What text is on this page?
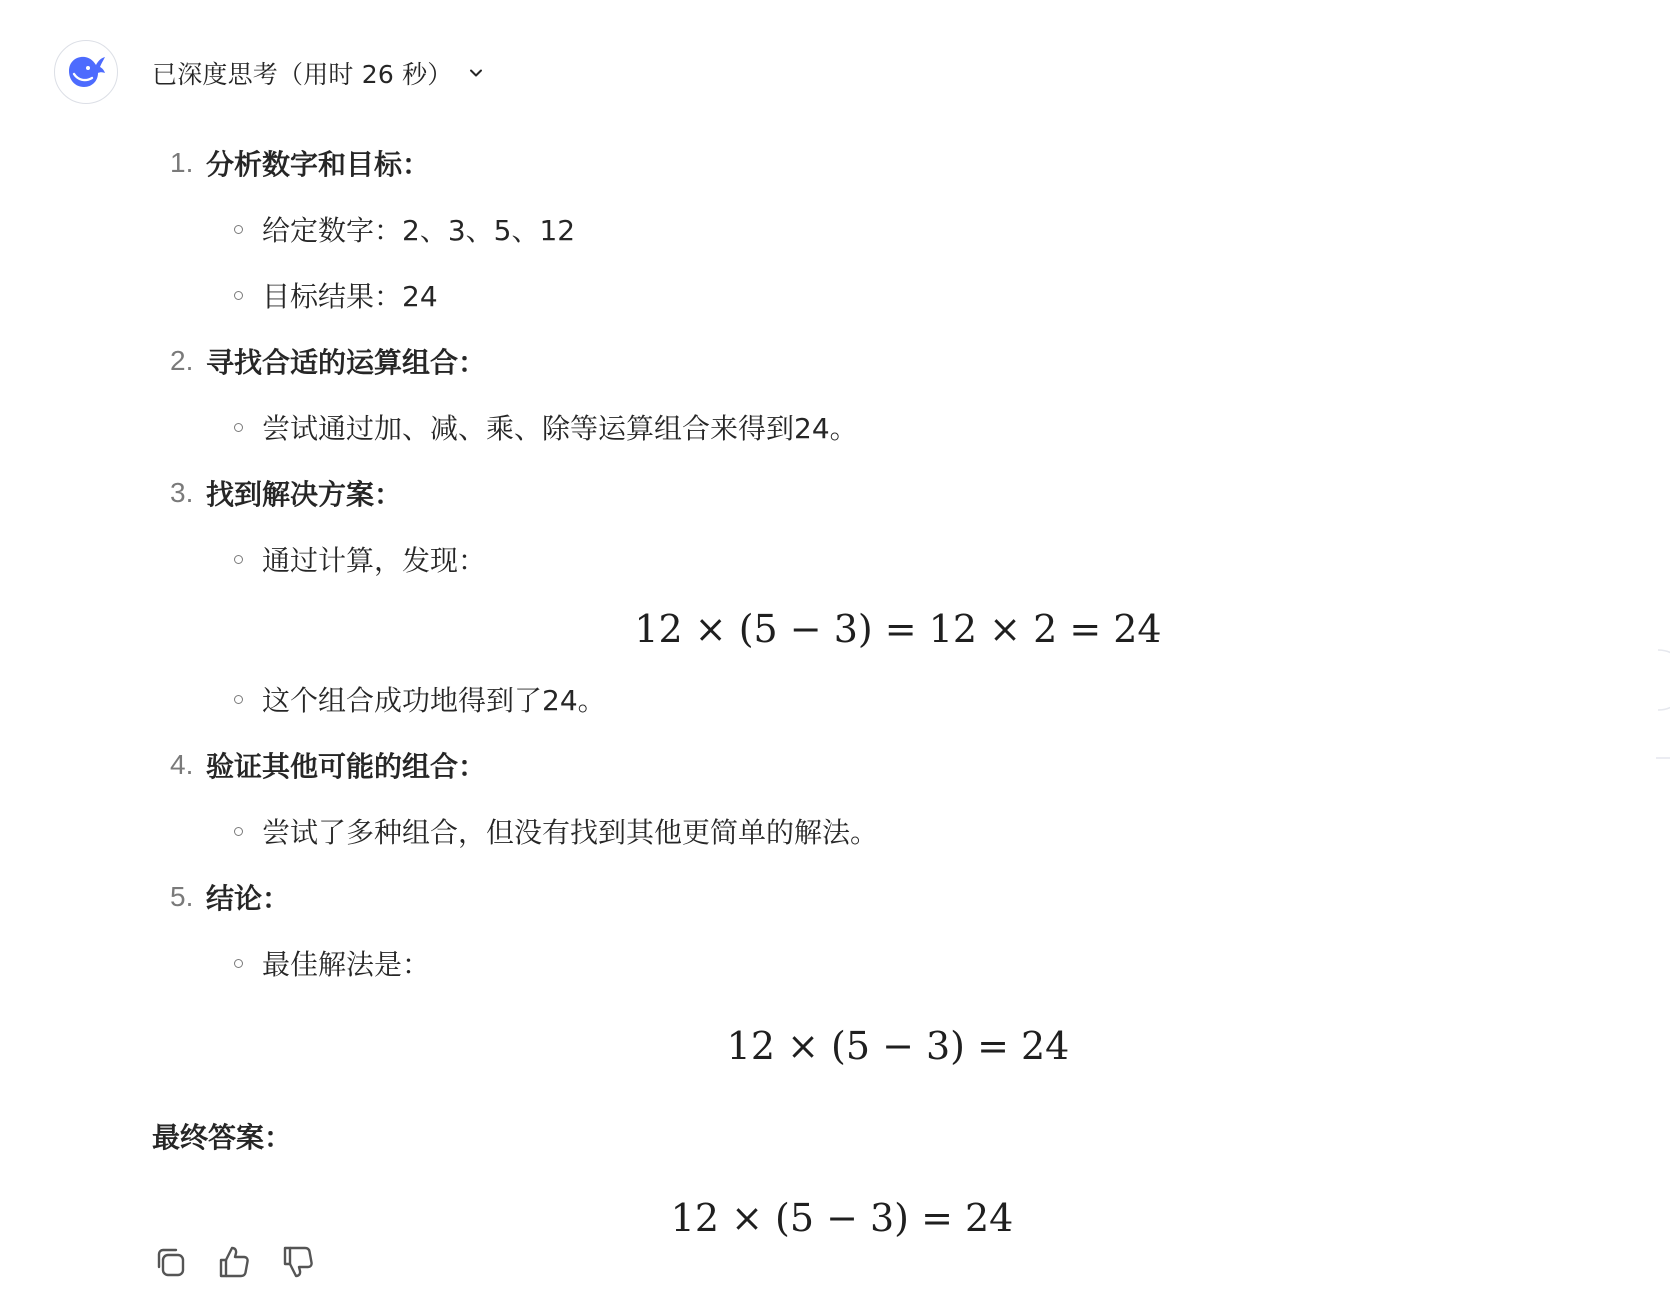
已深度思考（用时 26 秒）
1. 分析数字和目标：
给定数字：2、3、5、12
目标结果：24
2. 寻找合适的运算组合：
尝试通过加、减、乘、除等运算组合来得到24。
3. 找到解决方案：
通过计算，发现：
12 × (5 − 3) = 12 × 2 = 24
这个组合成功地得到了24。
4. 验证其他可能的组合：
尝试了多种组合，但没有找到其他更简单的解法。
5. 结论：
最佳解法是：
12 × (5 − 3) = 24
最终答案：
12 × (5 − 3) = 24
